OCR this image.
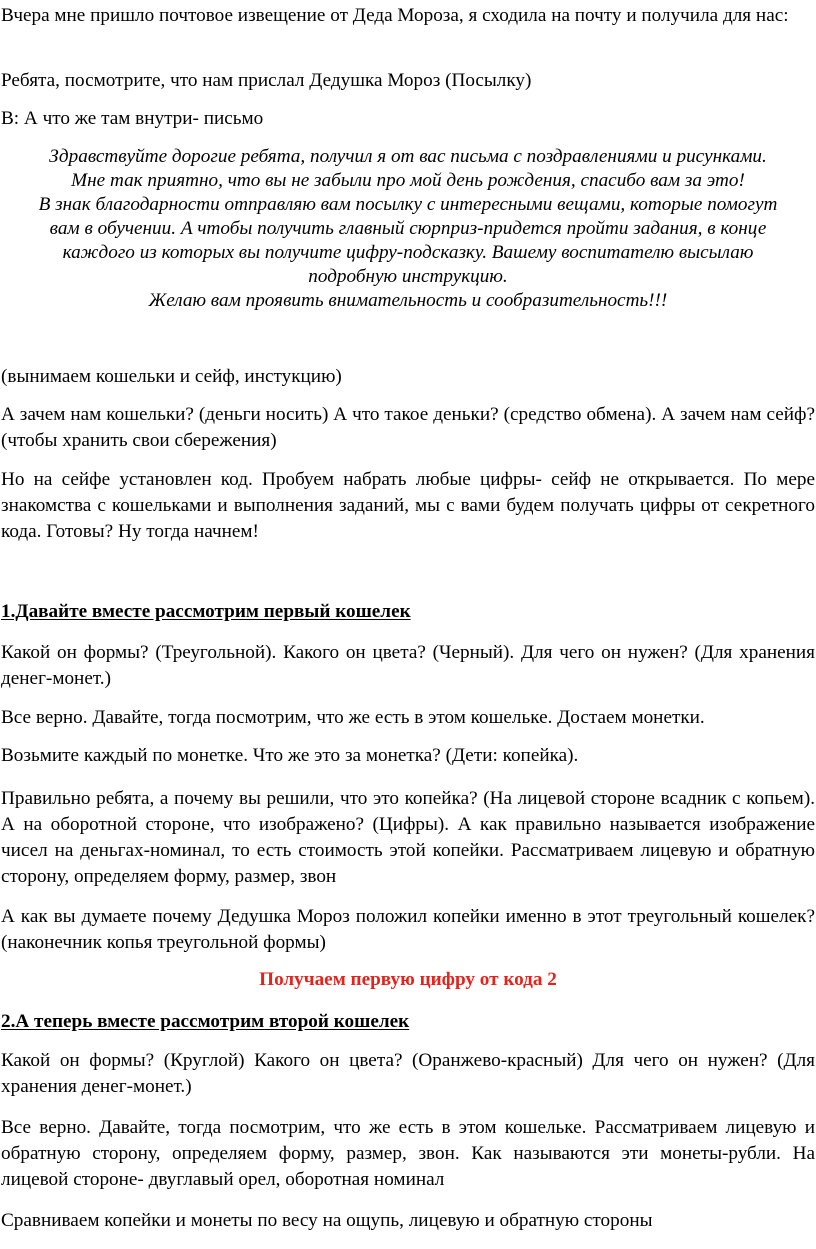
Вчера мне пришло почтовое извещение от Деда Мороза, я сходила на почту и получила для нас:

Ребята, посмотрите, что нам прислал Дедушка Мороз (Посылку)

В: А что же там внутри- письмо

Здравствуйте дорогие ребята, получил я от вас письма с поздравлениями и рисунками.
Мне так приятно, что вы не забыли про мой день рождения, спасибо вам за это!
В знак благодарности отправляю вам посылку с интересными вещами, которые помогут
вам в обучении. А чтобы получить главный сюрприз-придется пройти задания, в конце
каждого из которых вы получите цифру-подсказку. Вашему воспитателю высылаю
подробную инструкцию.
Желаю вам проявить внимательность и сообразительность!!!

(вынимаем кошельки и сейф, инстукцию)

А зачем нам кошельки? (деньги носить) А что такое деньки? (средство обмена). А зачем нам сейф? (чтобы хранить свои сбережения)

Но на сейфе установлен код. Пробуем набрать любые цифры- сейф не открывается. По мере знакомства с кошельками и выполнения заданий, мы с вами будем получать цифры от секретного кода. Готовы? Ну тогда начнем!

1.Давайте вместе рассмотрим первый кошелек

Какой он формы? (Треугольной). Какого он цвета? (Черный). Для чего он нужен? (Для хранения денег-монет.)

Все верно. Давайте, тогда посмотрим, что же есть в этом кошельке. Достаем монетки.

Возьмите каждый по монетке. Что же это за монетка? (Дети: копейка).

Правильно ребята, а почему вы решили, что это копейка? (На лицевой стороне всадник с копьем). А на оборотной стороне, что изображено? (Цифры). А как правильно называется изображение чисел на деньгах-номинал, то есть стоимость этой копейки. Рассматриваем лицевую и обратную сторону, определяем форму, размер, звон

А как вы думаете почему Дедушка Мороз положил копейки именно в этот треугольный кошелек? (наконечник копья треугольной формы)

Получаем первую цифру от кода 2

2.А теперь вместе рассмотрим второй кошелек

Какой он формы? (Круглой) Какого он цвета? (Оранжево-красный) Для чего он нужен? (Для хранения денег-монет.)

Все верно. Давайте, тогда посмотрим, что же есть в этом кошельке. Рассматриваем лицевую и обратную сторону, определяем форму, размер, звон. Как называются эти монеты-рубли. На лицевой стороне- двуглавый орел, оборотная номинал

Сравниваем копейки и монеты по весу на ощупь, лицевую и обратную стороны
